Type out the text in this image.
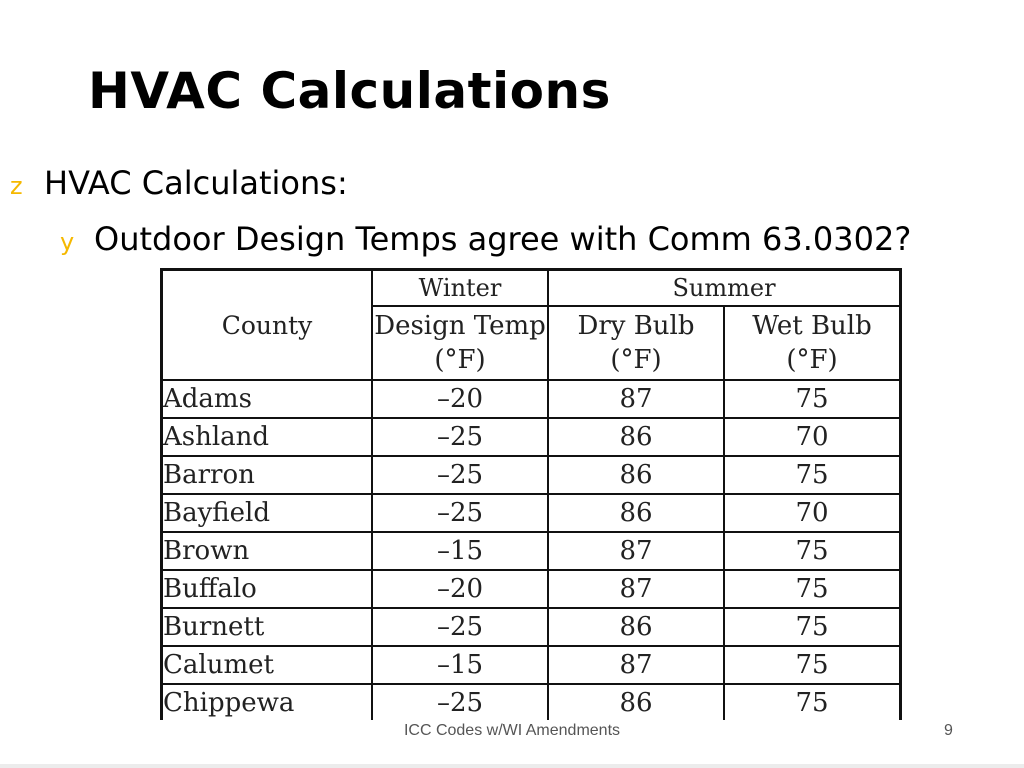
HVAC Calculations
z HVAC Calculations:
y Outdoor Design Temps agree with Comm 63.0302?
County	Winter	Summer	
	Design Temp (°F)	Dry Bulb (°F)	Wet Bulb (°F)
Adams	–20	87	75
Ashland	–25	86	70
Barron	–25	86	75
Bayfield	–25	86	70
Brown	–15	87	75
Buffalo	–20	87	75
Burnett	–25	86	75
Calumet	–15	87	75
Chippewa	–25	86	75
ICC Codes w/WI Amendments	9
